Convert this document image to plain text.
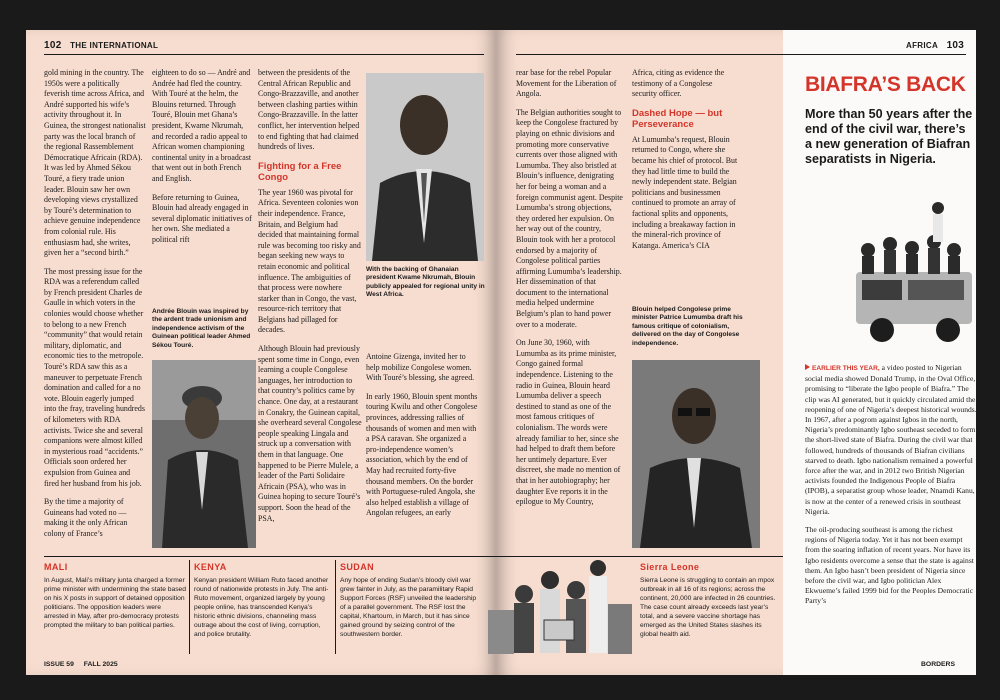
102 THE INTERNATIONAL	AFRICA 103

gold mining in the country. The 1950s were a politically feverish time across Africa, and André supported his wife’s activity throughout it. In Guinea, the strongest nationalist party was the local branch of the regional Rassemblement Démocratique Africain (RDA). It was led by Ahmed Sékou Touré, a fiery trade union leader. Blouin saw her own developing views crystallized by Touré’s determination to achieve genuine independence from colonial rule. His enthusiasm had, she writes, given her a “second birth.”

The most pressing issue for the RDA was a referendum called by French president Charles de Gaulle in which voters in the colonies would choose whether to belong to a new French “community” that would retain military, diplomatic, and economic ties to the metropole. Touré’s RDA saw this as a maneuver to perpetuate French domination and called for a no vote. Blouin eagerly jumped into the fray, traveling hundreds of kilometers with RDA activists. Twice she and several companions were almost killed in mysterious road “accidents.” Officials soon ordered her expulsion from Guinea and fired her husband from his job.

By the time a majority of Guineans had voted no — making it the only African colony of France’s

eighteen to do so — André and Andrée had fled the country. With Touré at the helm, the Blouins returned. Through Touré, Blouin met Ghana’s president, Kwame Nkrumah, and recorded a radio appeal to African women championing continental unity in a broadcast that went out in both French and English.

Before returning to Guinea, Blouin had already engaged in several diplomatic initiatives of her own. She mediated a political rift

Andrée Blouin was inspired by the ardent trade unionism and independence activism of the Guinean political leader Ahmed Sékou Touré.

between the presidents of the Central African Republic and Congo-Brazzaville, and another between clashing parties within Congo-Brazzaville. In the latter conflict, her intervention helped to end fighting that had claimed hundreds of lives.

Fighting for a Free Congo

The year 1960 was pivotal for Africa. Seventeen colonies won their independence. France, Britain, and Belgium had decided that maintaining formal rule was becoming too risky and began seeking new ways to retain economic and political influence. The ambiguities of that process were nowhere starker than in Congo, the vast, resource-rich territory that Belgians had pillaged for decades.

Although Blouin had previously spent some time in Congo, even learning a couple Congolese languages, her introduction to that country’s politics came by chance. One day, at a restaurant in Conakry, the Guinean capital, she overheard several Congolese people speaking Lingala and struck up a conversation with them in that language. One happened to be Pierre Mulele, a leader of the Parti Solidaire Africain (PSA), who was in Guinea hoping to secure Touré’s support. Soon the head of the PSA,

With the backing of Ghanaian president Kwame Nkrumah, Blouin publicly appealed for regional unity in West Africa.

Antoine Gizenga, invited her to help mobilize Congolese women. With Touré’s blessing, she agreed.

In early 1960, Blouin spent months touring Kwilu and other Congolese provinces, addressing rallies of thousands of women and men with a PSA caravan. She organized a pro-independence women’s association, which by the end of May had recruited forty-five thousand members. On the border with Portuguese-ruled Angola, she also helped establish a village of Angolan refugees, an early

rear base for the rebel Popular Movement for the Liberation of Angola.

The Belgian authorities sought to keep the Congolese fractured by playing on ethnic divisions and promoting more conservative currents over those aligned with Lumumba. They also bristled at Blouin’s influence, denigrating her for being a woman and a foreign communist agent. Despite Lumumba’s strong objections, they ordered her expulsion. On her way out of the country, Blouin took with her a protocol endorsed by a majority of Congolese political parties affirming Lumumba’s leadership. Her dissemination of that document to the international media helped undermine Belgium’s plan to hand power over to a moderate.

On June 30, 1960, with Lumumba as its prime minister, Congo gained formal independence. Listening to the radio in Guinea, Blouin heard Lumumba deliver a speech destined to stand as one of the most famous critiques of colonialism. The words were already familiar to her, since she had helped to draft them before her untimely departure. Ever discreet, she made no mention of that in her autobiography; her daughter Eve reports it in the epilogue to My Country,

Africa, citing as evidence the testimony of a Congolese security officer.

Dashed Hope — but Perseverance

At Lumumba’s request, Blouin returned to Congo, where she became his chief of protocol. But they had little time to build the newly independent state. Belgian politicians and businessmen continued to promote an array of factional splits and opponents, including a breakaway faction in the mineral-rich province of Katanga. America’s CIA

Blouin helped Congolese prime minister Patrice Lumumba draft his famous critique of colonialism, delivered on the day of Congolese independence.
BIAFRA’S BACK
More than 50 years after the end of the civil war, there’s a new generation of Biafran separatists in Nigeria.

EARLIER THIS YEAR, a video posted to Nigerian social media showed Donald Trump, in the Oval Office, promising to “liberate the Igbo people of Biafra.” The clip was AI generated, but it quickly circulated amid the reopening of one of Nigeria’s deepest historical wounds. In 1967, after a pogrom against Igbos in the north, Nigeria’s predominantly Igbo southeast seceded to form the short-lived state of Biafra. During the civil war that followed, hundreds of thousands of Biafran civilians starved to death. Igbo nationalism remained a powerful force after the war, and in 2012 two British Nigerian activists founded the Indigenous People of Biafra (IPOB), a separatist group whose leader, Nnamdi Kanu, is now at the center of a renewed crisis in southeast Nigeria.

The oil-producing southeast is among the richest regions of Nigeria today. Yet it has not been exempt from the soaring inflation of recent years. Nor have its Igbo residents overcome a sense that the state is against them. An Igbo hasn’t been president of Nigeria since before the civil war, and Igbo politician Alex Ekwueme’s failed 1999 bid for the Peoples Democratic Party’s

MALI
In August, Mali’s military junta charged a former prime minister with undermining the state based on his X posts in support of detained opposition politicians. The opposition leaders were arrested in May, after pro-democracy protests prompted the military to ban political parties.
KENYA
Kenyan president William Ruto faced another round of nationwide protests in July. The anti-Ruto movement, organized largely by young people online, has transcended Kenya’s historic ethnic divisions, channeling mass outrage about the cost of living, corruption, and police brutality.
SUDAN
Any hope of ending Sudan’s bloody civil war grew fainter in July, as the paramilitary Rapid Support Forces (RSF) unveiled the leadership of a parallel government. The RSF lost the capital, Khartoum, in March, but it has since gained ground by seizing control of the southwestern border.
Sierra Leone
Sierra Leone is struggling to contain an mpox outbreak in all 16 of its regions; across the continent, 20,000 are infected in 26 countries. The case count already exceeds last year’s total, and a severe vaccine shortage has emerged as the United States slashes its global health aid.
ISSUE 59 FALL 2025	BORDERS
